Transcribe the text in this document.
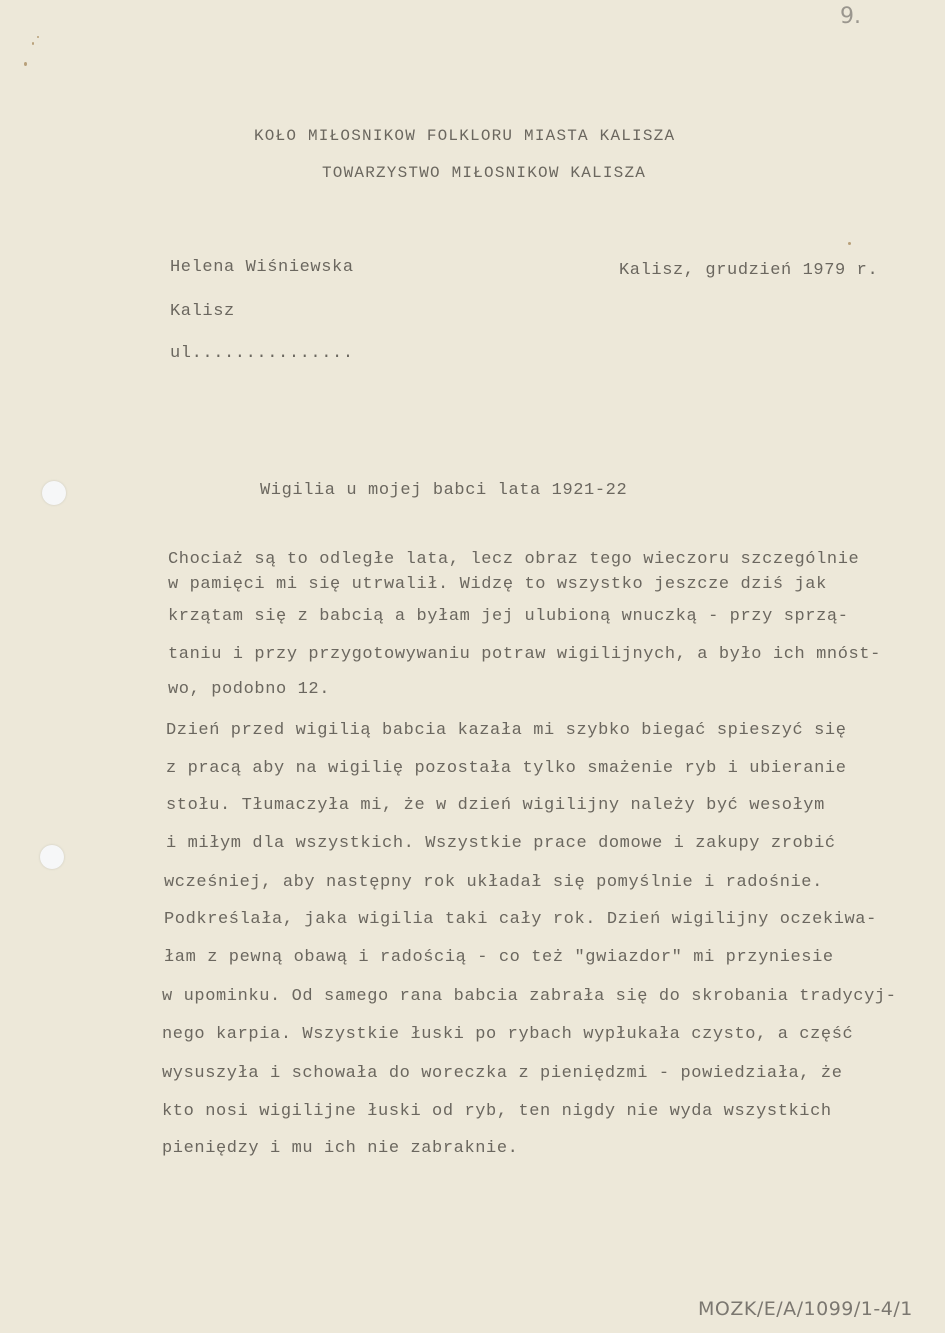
9.
KOŁO MIŁOSNIKOW FOLKLORU MIASTA KALISZA
TOWARZYSTWO MIŁOSNIKOW KALISZA
Helena Wiśniewska	Kalisz, grudzień 1979 r.
Kalisz
ul...............
Wigilia u mojej babci lata 1921-22
Chociaż są to odległe lata, lecz obraz tego wieczoru szczególnie
w pamięci mi się utrwalił. Widzę to wszystko jeszcze dziś jak
krzątam się z babcią a byłam jej ulubioną wnuczką - przy sprzą-
taniu i przy przygotowywaniu potraw wigilijnych, a było ich mnóst-
wo, podobno 12.
Dzień przed wigilią babcia kazała mi szybko biegać spieszyć się
z pracą aby na wigilię pozostała tylko smażenie ryb i ubieranie
stołu. Tłumaczyła mi, że w dzień wigilijny należy być wesołym
i miłym dla wszystkich. Wszystkie prace domowe i zakupy zrobić
wcześniej, aby następny rok układał się pomyślnie i radośnie.
Podkreślała, jaka wigilia taki cały rok. Dzień wigilijny oczekiwa-
łam z pewną obawą i radością - co też "gwiazdor" mi przyniesie
w upominku. Od samego rana babcia zabrała się do skrobania tradycyj-
nego karpia. Wszystkie łuski po rybach wypłukała czysto, a część
wysuszyła i schowała do woreczka z pieniędzmi - powiedziała, że
kto nosi wigilijne łuski od ryb, ten nigdy nie wyda wszystkich
pieniędzy i mu ich nie zabraknie.
MOZK/E/A/1099/1-4/1
